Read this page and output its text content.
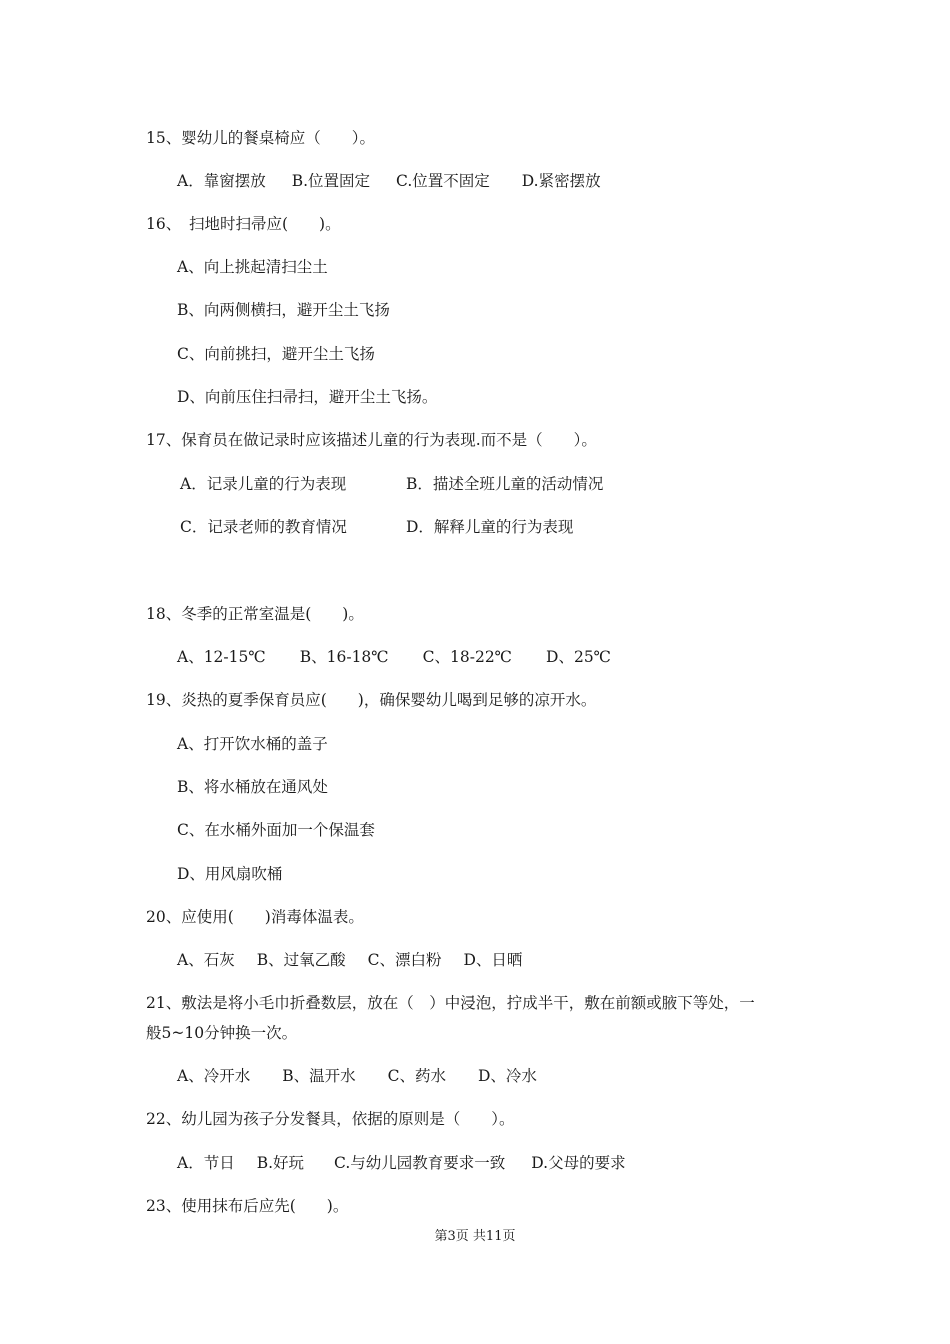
15、婴幼儿的餐桌椅应（　　）。
A．靠窗摆放 B.位置固定 C.位置不固定 D.紧密摆放
16、　扫地时扫帚应(　　)。
A、向上挑起清扫尘土
B、向两侧横扫，避开尘土飞扬
C、向前挑扫，避开尘土飞扬
D、向前压住扫帚扫，避开尘土飞扬。
17、保育员在做记录时应该描述儿童的行为表现.而不是（　　）。
A．记录儿童的行为表现	B．描述全班儿童的活动情况
C．记录老师的教育情况	D．解释儿童的行为表现
18、冬季的正常室温是(　　)。
A、12-15℃ B、16-18℃ C、18-22℃ D、25℃
19、炎热的夏季保育员应(　　)，确保婴幼儿喝到足够的凉开水。
A、打开饮水桶的盖子
B、将水桶放在通风处
C、在水桶外面加一个保温套
D、用风扇吹桶
20、应使用(　　)消毒体温表。
A、石灰 B、过氧乙酸 C、漂白粉 D、日晒
21、敷法是将小毛巾折叠数层，放在（　）中浸泡，拧成半干，敷在前额或腋下等处，一
般5~10分钟换一次。
A、冷开水 B、温开水 C、药水 D、冷水
22、幼儿园为孩子分发餐具，依据的原则是（　　）。
A．节日 B.好玩 C.与幼儿园教育要求一致 D.父母的要求
23、使用抹布后应先(　　)。
第3页 共11页
